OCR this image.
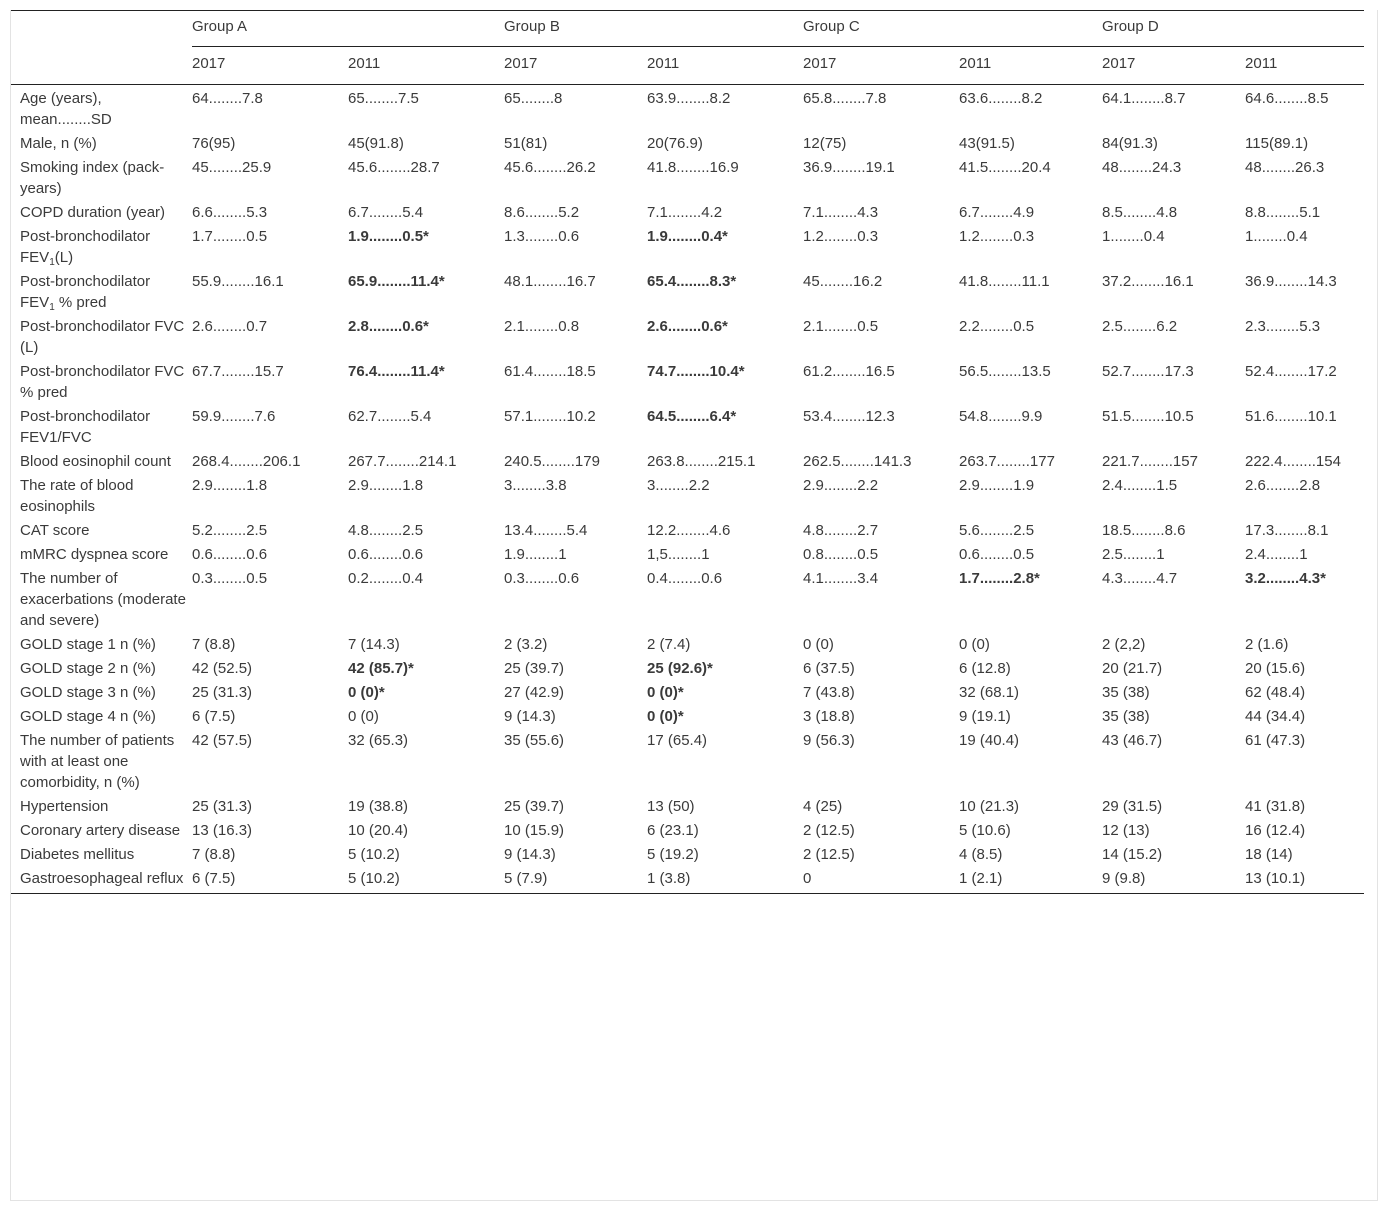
	Group A		Group B		Group C		Group D		
	2017	2011	2017	2011	2017	2011	2017	2011	
Age (years), mean........SD	64........7.8	65........7.5	65........8	63.9........8.2	65.8........7.8	63.6........8.2	64.1........8.7	64.6........8.5	
Male, n (%)	76(95)	45(91.8)	51(81)	20(76.9)	12(75)	43(91.5)	84(91.3)	115(89.1)	
Smoking index (pack-years)	45........25.9	45.6........28.7	45.6........26.2	41.8........16.9	36.9........19.1	41.5........20.4	48........24.3	48........26.3	
COPD duration (year)	6.6........5.3	6.7........5.4	8.6........5.2	7.1........4.2	7.1........4.3	6.7........4.9	8.5........4.8	8.8........5.1	
Post-bronchodilator $FEV_1(L)$	1.7........0.5	1.9........0.5*	1.3........0.6	1.9........0.4*	1.2........0.3	1.2........0.3	1........0.4	1........0.4	
Post-bronchodilator $FEV_1$ % pred	55.9........16.1	65.9........11.4*	48.1........16.7	65.4........8.3*	45........16.2	41.8........11.1	37.2........16.1	36.9........14.3	
Post-bronchodilator FVC (L)	2.6........0.7	2.8........0.6*	2.1........0.8	2.6........0.6*	2.1........0.5	2.2........0.5	2.5........6.2	2.3........5.3	
Post-bronchodilator FVC % pred	67.7........15.7	76.4........11.4*	61.4........18.5	74.7........10.4*	61.2........16.5	56.5........13.5	52.7........17.3	52.4........17.2	
Post-bronchodilator FEV1/FVC	59.9........7.6	62.7........5.4	57.1........10.2	64.5........6.4*	53.4........12.3	54.8........9.9	51.5........10.5	51.6........10.1	
Blood eosinophil count	268.4........206.1	267.7........214.1	240.5........179	263.8........215.1	262.5........141.3	263.7........177	221.7........157	222.4........154	
The rate of blood eosinophils	2.9........1.8	2.9........1.8	3........3.8	3........2.2	2.9........2.2	2.9........1.9	2.4........1.5	2.6........2.8	
CAT score	5.2........2.5	4.8........2.5	13.4........5.4	12.2........4.6	4.8........2.7	5.6........2.5	18.5........8.6	17.3........8.1	
mMRC dyspnea score	0.6........0.6	0.6........0.6	1.9........1	1,5........1	0.8........0.5	0.6........0.5	2.5........1	2.4........1	
The number of exacerbations (moderate and severe)	0.3........0.5	0.2........0.4	0.3........0.6	0.4........0.6	4.1........3.4	1.7........2.8*	4.3........4.7	3.2........4.3*	
GOLD stage 1 n (%)	7 (8.8)	7 (14.3)	2 (3.2)	2 (7.4)	0 (0)	0 (0)	2 (2,2)	2 (1.6)	
GOLD stage 2 n (%)	42 (52.5)	42 (85.7)*	25 (39.7)	25 (92.6)*	6 (37.5)	6 (12.8)	20 (21.7)	20 (15.6)	
GOLD stage 3 n (%)	25 (31.3)	0 (0)*	27 (42.9)	0 (0)*	7 (43.8)	32 (68.1)	35 (38)	62 (48.4)	
GOLD stage 4 n (%)	6 (7.5)	0 (0)	9 (14.3)	0 (0)*	3 (18.8)	9 (19.1)	35 (38)	44 (34.4)	
The number of patients with at least one comorbidity, n (%)	42 (57.5)	32 (65.3)	35 (55.6)	17 (65.4)	9 (56.3)	19 (40.4)	43 (46.7)	61 (47.3)	
Hypertension	25 (31.3)	19 (38.8)	25 (39.7)	13 (50)	4 (25)	10 (21.3)	29 (31.5)	41 (31.8)	
Coronary artery disease	13 (16.3)	10 (20.4)	10 (15.9)	6 (23.1)	2 (12.5)	5 (10.6)	12 (13)	16 (12.4)	
Diabetes mellitus	7 (8.8)	5 (10.2)	9 (14.3)	5 (19.2)	2 (12.5)	4 (8.5)	14 (15.2)	18 (14)	
Gastroesophageal reflux	6 (7.5)	5 (10.2)	5 (7.9)	1 (3.8)	0	1 (2.1)	9 (9.8)	13 (10.1)	
